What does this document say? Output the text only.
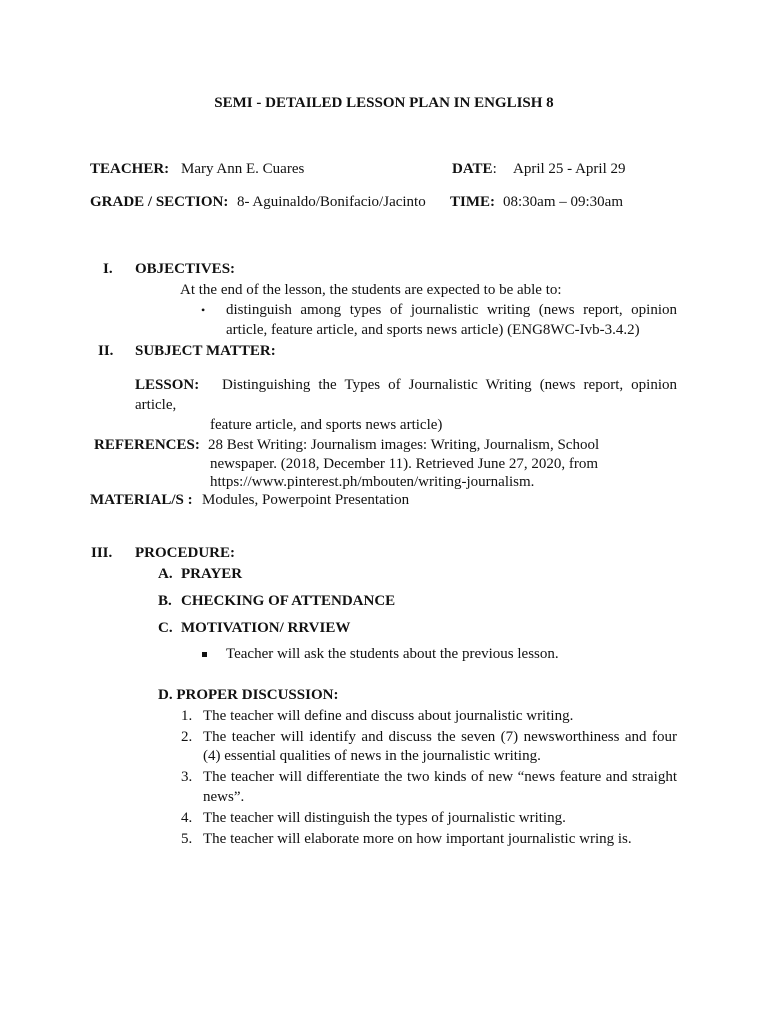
SEMI - DETAILED LESSON PLAN IN ENGLISH 8
TEACHER: Mary Ann E. Cuares	DATE: April 25 - April 29
GRADE / SECTION: 8- Aguinaldo/Bonifacio/Jacinto TIME: 08:30am – 09:30am
I. OBJECTIVES:
At the end of the lesson, the students are expected to be able to:
• distinguish among types of journalistic writing (news report, opinion
article, feature article, and sports news article) (ENG8WC-Ivb-3.4.2)
II. SUBJECT MATTER:
LESSON: Distinguishing the Types of Journalistic Writing (news report, opinion
article,
feature article, and sports news article)
REFERENCES: 28 Best Writing: Journalism images: Writing, Journalism, School
newspaper. (2018, December 11). Retrieved June 27, 2020, from
https://www.pinterest.ph/mbouten/writing-journalism.
MATERIAL/S : Modules, Powerpoint Presentation
III. PROCEDURE:
A. PRAYER
B. CHECKING OF ATTENDANCE
C. MOTIVATION/ RRVIEW
Teacher will ask the students about the previous lesson.
D. PROPER DISCUSSION:
1. The teacher will define and discuss about journalistic writing.
2. The teacher will identify and discuss the seven (7) newsworthiness and four
(4) essential qualities of news in the journalistic writing.
3. The teacher will differentiate the two kinds of new “news feature and straight
news”.
4. The teacher will distinguish the types of journalistic writing.
5. The teacher will elaborate more on how important journalistic wring is.
